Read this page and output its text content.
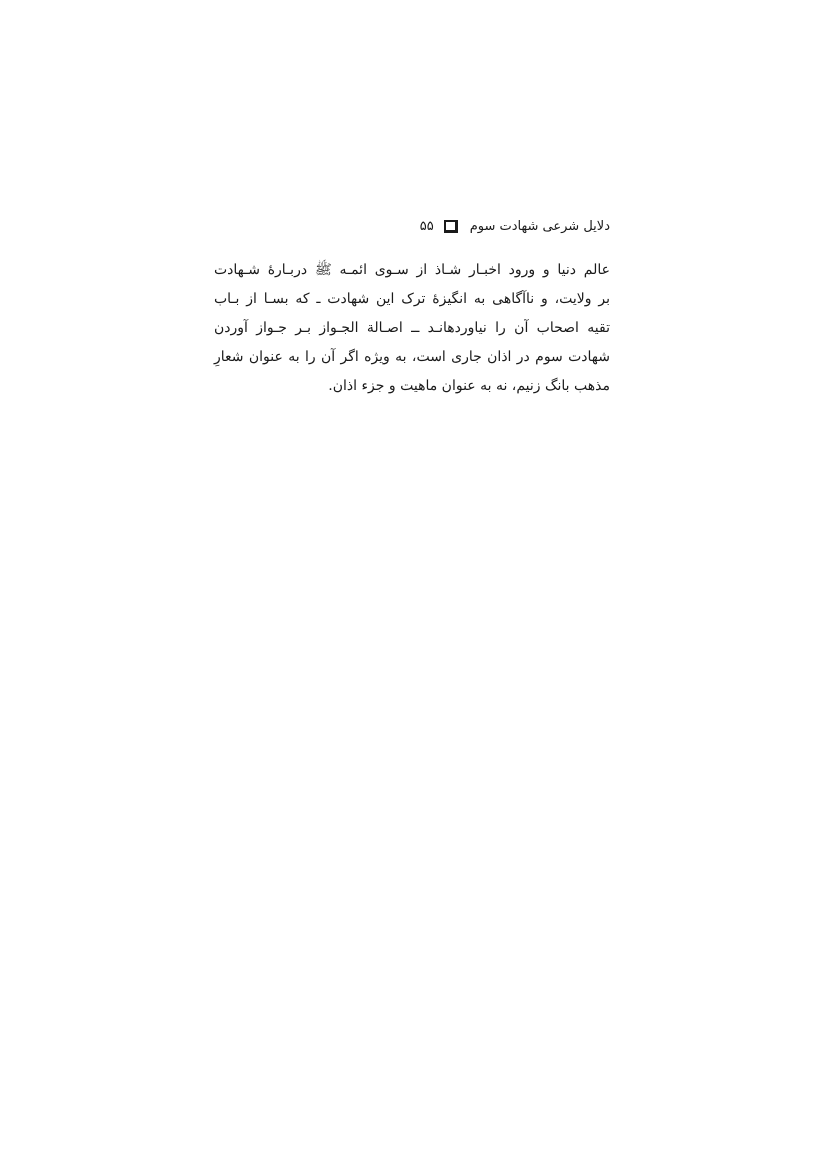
دلایل شرعی شهادت سوم
۵۵
عالم دنیا و ورود اخبـار شـاذ از سـوی ائمـه ﷺ دربـارۀ شـهادت
بر ولایت، و ناآگاهی به انگیزۀ ترک این شهادت ـ که بسـا از بـاب
تقیه اصحاب آن را نیاوردهانـد ــ اصـالة الجـواز بـر جـواز آوردن
شهادت سوم در اذان جاری است، به ویژه اگر آن را به عنوان شعارِ
مذهب بانگ زنیم، نه به عنوان ماهیت و جزء اذان.
